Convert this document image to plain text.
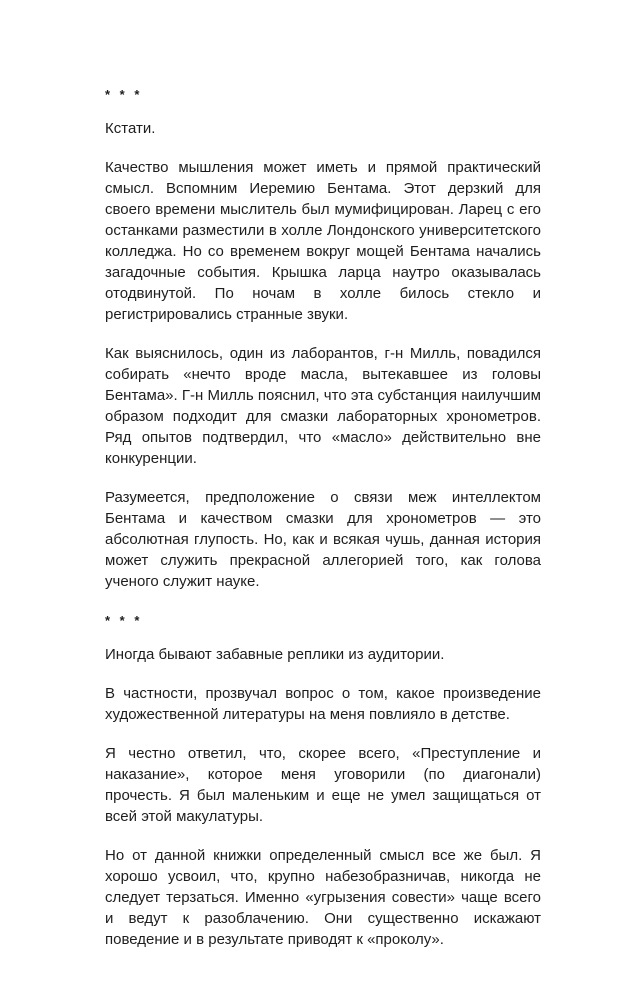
* * *

Кстати.

Качество мышления может иметь и прямой практический смысл. Вспомним Иеремию Бентама. Этот дерзкий для своего времени мыслитель был мумифицирован. Ларец с его останками разместили в холле Лондонского университетского колледжа. Но со временем вокруг мощей Бентама начались загадочные события. Крышка ларца наутро оказывалась отодвинутой. По ночам в холле билось стекло и регистрировались странные звуки.

Как выяснилось, один из лаборантов, г-н Милль, повадился собирать «нечто вроде масла, вытекавшее из головы Бентама». Г-н Милль пояснил, что эта субстанция наилучшим образом подходит для смазки лабораторных хронометров. Ряд опытов подтвердил, что «масло» действительно вне конкуренции.

Разумеется, предположение о связи меж интеллектом Бентама и качеством смазки для хронометров — это абсолютная глупость. Но, как и всякая чушь, данная история может служить прекрасной аллегорией того, как голова ученого служит науке.

* * *

Иногда бывают забавные реплики из аудитории.

В частности, прозвучал вопрос о том, какое произведение художественной литературы на меня повлияло в детстве.

Я честно ответил, что, скорее всего, «Преступление и наказание», которое меня уговорили (по диагонали) прочесть. Я был маленьким и еще не умел защищаться от всей этой макулатуры.

Но от данной книжки определенный смысл все же был. Я хорошо усвоил, что, крупно набезобразничав, никогда не следует терзаться. Именно «угрызения совести» чаще всего и ведут к разоблачению. Они существенно искажают поведение и в результате приводят к «проколу».
